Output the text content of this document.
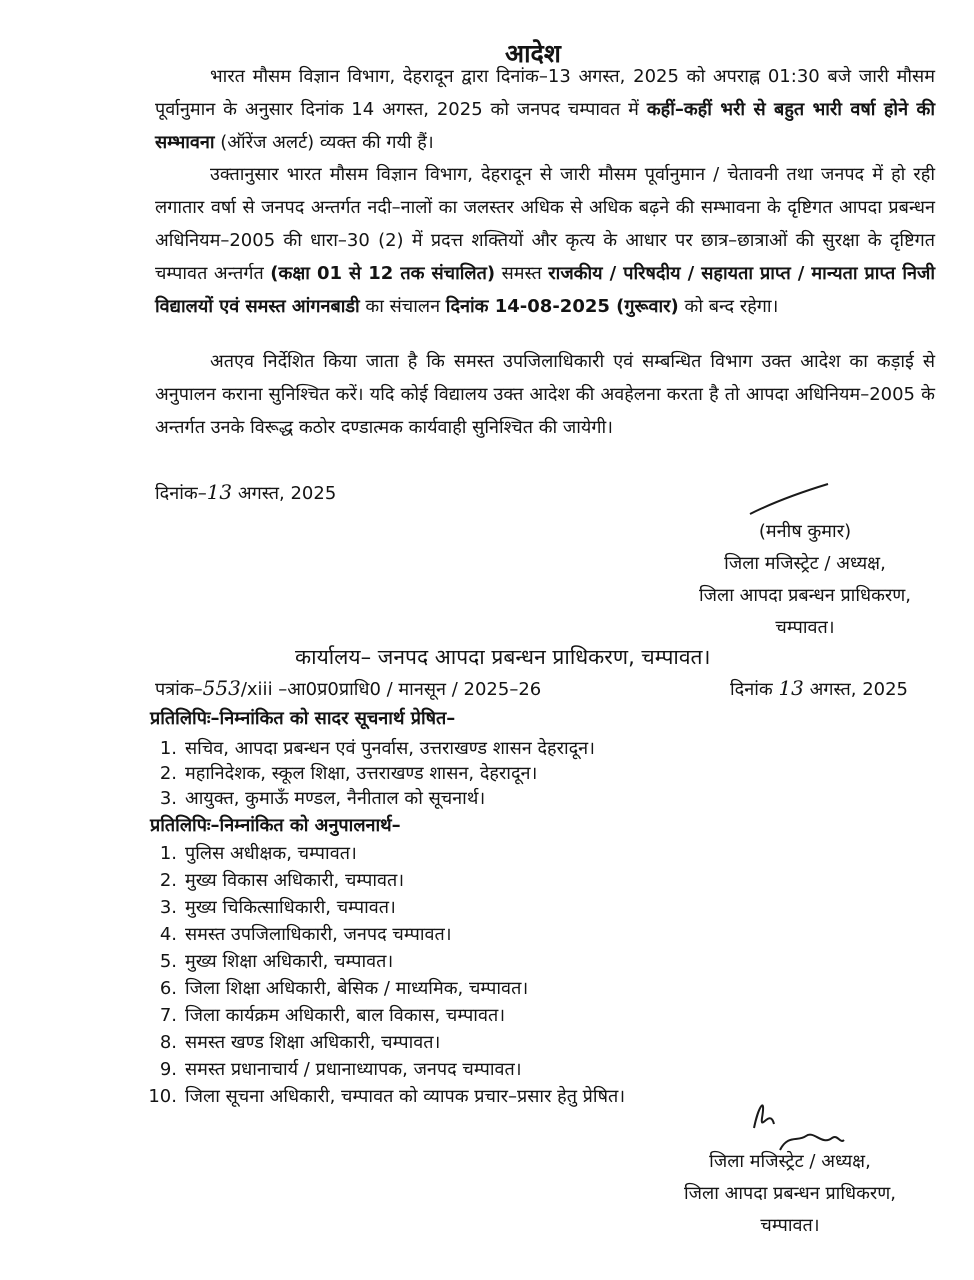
आदेश

भारत मौसम विज्ञान विभाग, देहरादून द्वारा दिनांक–13 अगस्त, 2025 को अपराह्न 01:30 बजे जारी मौसम पूर्वानुमान के अनुसार दिनांक 14 अगस्त, 2025 को जनपद चम्पावत में कहीं–कहीं भरी से बहुत भारी वर्षा होने की सम्भावना (ऑरेंज अलर्ट) व्यक्त की गयी हैं।

उक्तानुसार भारत मौसम विज्ञान विभाग, देहरादून से जारी मौसम पूर्वानुमान / चेतावनी तथा जनपद में हो रही लगातार वर्षा से जनपद अन्तर्गत नदी–नालों का जलस्तर अधिक से अधिक बढ़ने की सम्भावना के दृष्टिगत आपदा प्रबन्धन अधिनियम–2005 की धारा–30 (2) में प्रदत्त शक्तियों और कृत्य के आधार पर छात्र–छात्राओं की सुरक्षा के दृष्टिगत चम्पावत अन्तर्गत (कक्षा 01 से 12 तक संचालित) समस्त राजकीय / परिषदीय / सहायता प्राप्त / मान्यता प्राप्त निजी विद्यालयों एवं समस्त आंगनबाडी का संचालन दिनांक 14-08-2025 (गुरूवार) को बन्द रहेगा।

अतएव निर्देशित किया जाता है कि समस्त उपजिलाधिकारी एवं सम्बन्धित विभाग उक्त आदेश का कड़ाई से अनुपालन कराना सुनिश्चित करें। यदि कोई विद्यालय उक्त आदेश की अवहेलना करता है तो आपदा अधिनियम–2005 के अन्तर्गत उनके विरूद्ध कठोर दण्डात्मक कार्यवाही सुनिश्चित की जायेगी।

दिनांक–13 अगस्त, 2025
(मनीष कुमार)
जिला मजिस्ट्रेट / अध्यक्ष,
जिला आपदा प्रबन्धन प्राधिकरण,
चम्पावत।
कार्यालय– जनपद आपदा प्रबन्धन प्राधिकरण, चम्पावत।
पत्रांक–553/xiii –आ0प्र0प्राधि0 / मानसून / 2025–26	दिनांक 13 अगस्त, 2025
प्रतिलिपिः–निम्नांकित को सादर सूचनार्थ प्रेषित–
1. सचिव, आपदा प्रबन्धन एवं पुनर्वास, उत्तराखण्ड शासन देहरादून।
2. महानिदेशक, स्कूल शिक्षा, उत्तराखण्ड शासन, देहरादून।
3. आयुक्त, कुमाऊँ मण्डल, नैनीताल को सूचनार्थ।
प्रतिलिपिः–निम्नांकित को अनुपालनार्थ–
1. पुलिस अधीक्षक, चम्पावत।
2. मुख्य विकास अधिकारी, चम्पावत।
3. मुख्य चिकित्साधिकारी, चम्पावत।
4. समस्त उपजिलाधिकारी, जनपद चम्पावत।
5. मुख्य शिक्षा अधिकारी, चम्पावत।
6. जिला शिक्षा अधिकारी, बेसिक / माध्यमिक, चम्पावत।
7. जिला कार्यक्रम अधिकारी, बाल विकास, चम्पावत।
8. समस्त खण्ड शिक्षा अधिकारी, चम्पावत।
9. समस्त प्रधानाचार्य / प्रधानाध्यापक, जनपद चम्पावत।
10. जिला सूचना अधिकारी, चम्पावत को व्यापक प्रचार–प्रसार हेतु प्रेषित।
जिला मजिस्ट्रेट / अध्यक्ष,
जिला आपदा प्रबन्धन प्राधिकरण,
चम्पावत।
